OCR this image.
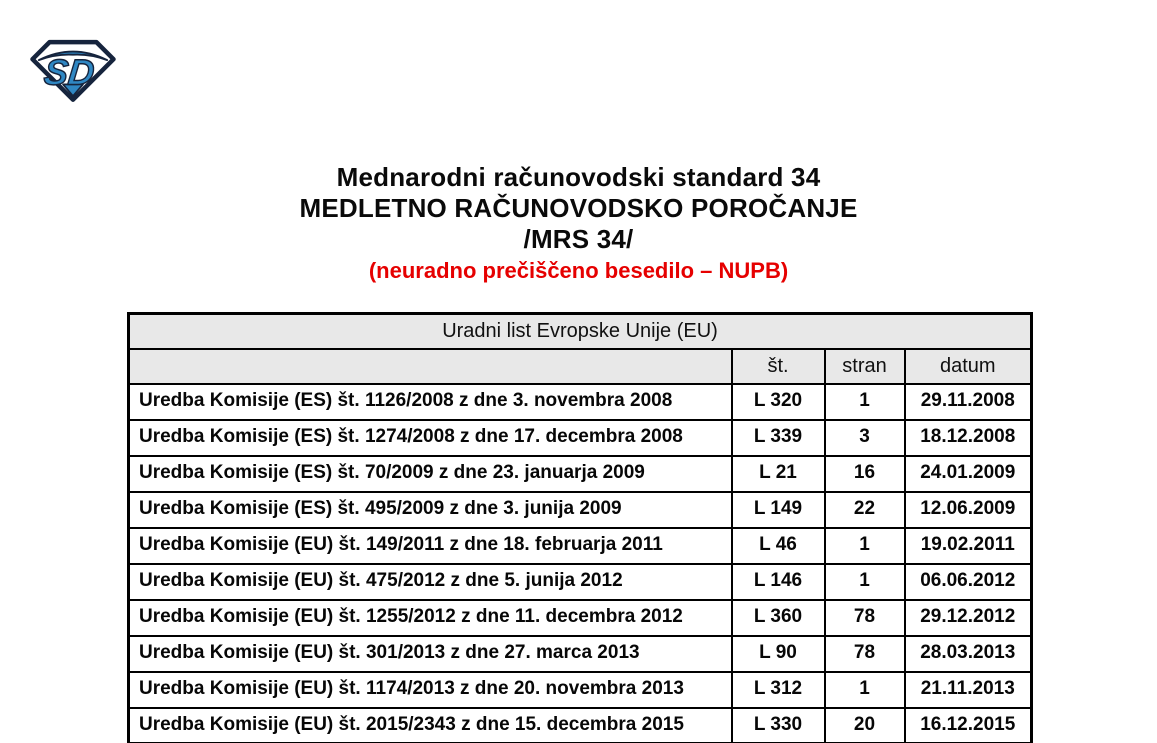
SD
Mednarodni računovodski standard 34
MEDLETNO RAČUNOVODSKO POROČANJE
/MRS 34/
(neuradno prečiščeno besedilo – NUPB)
Uradni list Evropske Unije (EU)			
	št.	stran	datum
Uredba Komisije (ES) št. 1126/2008 z dne 3. novembra 2008	L 320	1	29.11.2008
Uredba Komisije (ES) št. 1274/2008 z dne 17. decembra 2008	L 339	3	18.12.2008
Uredba Komisije (ES) št. 70/2009 z dne 23. januarja 2009	L 21	16	24.01.2009
Uredba Komisije (ES) št. 495/2009 z dne 3. junija 2009	L 149	22	12.06.2009
Uredba Komisije (EU) št. 149/2011 z dne 18. februarja 2011	L 46	1	19.02.2011
Uredba Komisije (EU) št. 475/2012 z dne 5. junija 2012	L 146	1	06.06.2012
Uredba Komisije (EU) št. 1255/2012 z dne 11. decembra 2012	L 360	78	29.12.2012
Uredba Komisije (EU) št. 301/2013 z dne 27. marca 2013	L 90	78	28.03.2013
Uredba Komisije (EU) št. 1174/2013 z dne 20. novembra 2013	L 312	1	21.11.2013
Uredba Komisije (EU) št. 2015/2343 z dne 15. decembra 2015	L 330	20	16.12.2015
